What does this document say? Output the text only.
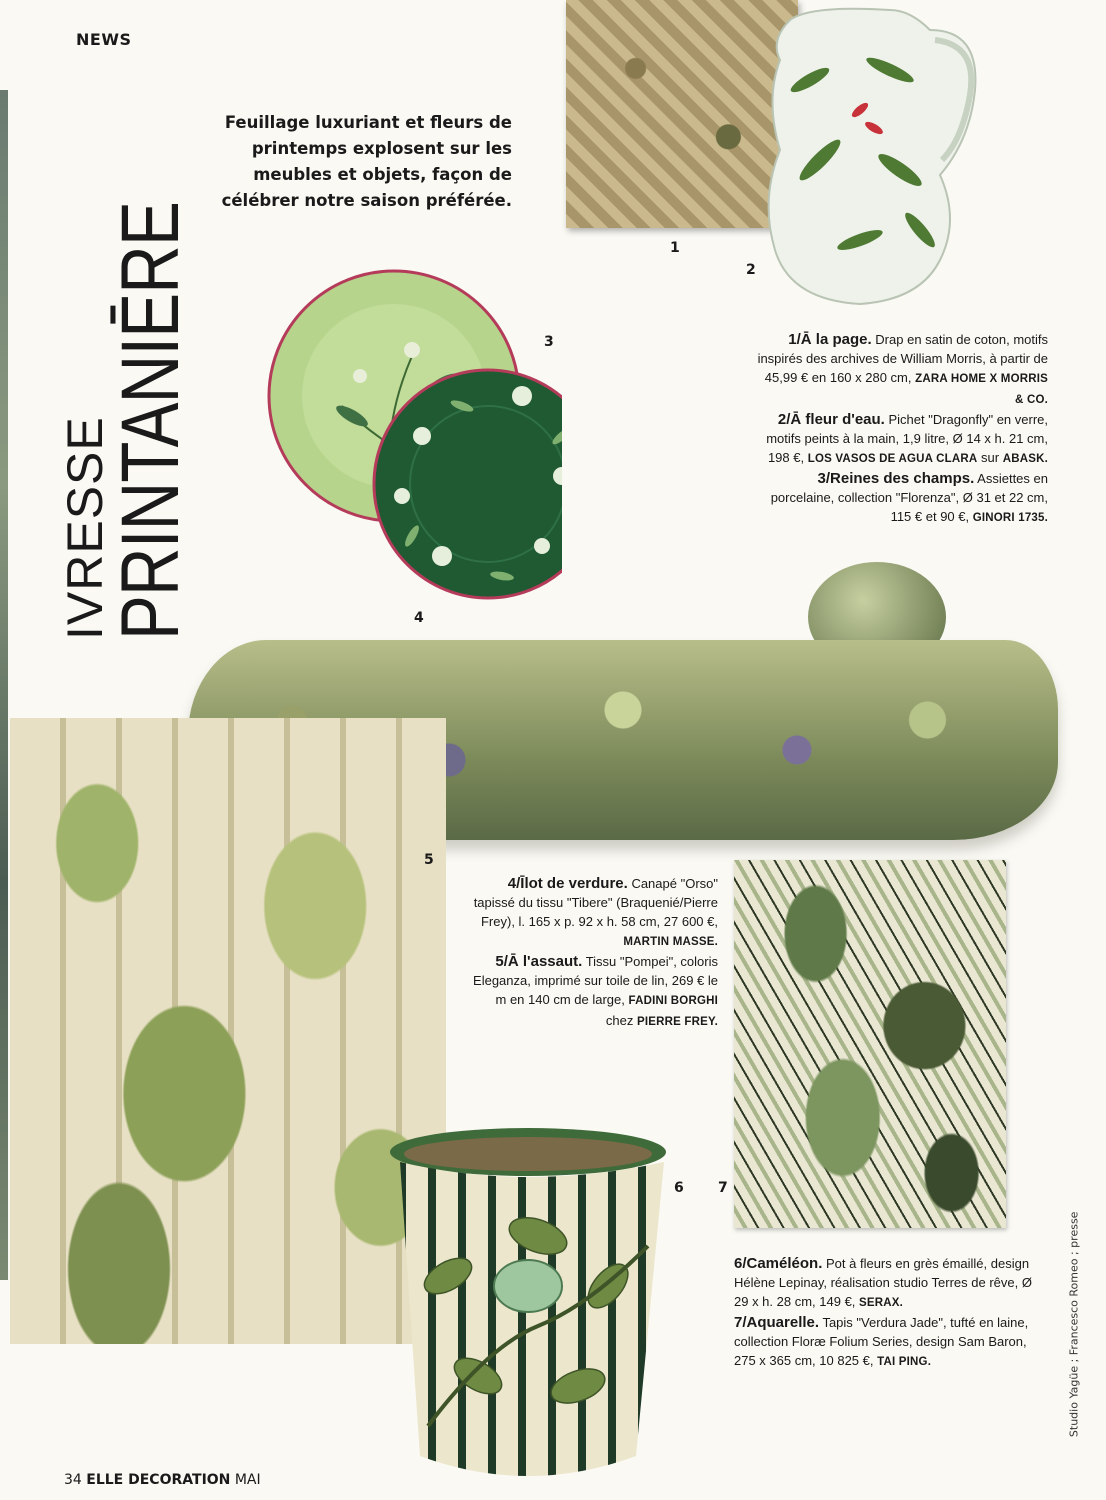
NEWS
IVRESSE
PRINTANIĒRE
Feuillage luxuriant et fleurs de printemps explosent sur les meubles et objets, façon de célébrer notre saison préférée.
1
2
3	1/Ā la page. Drap en satin de coton, motifs inspirés des archives de William Morris, à partir de 45,99 € en 160 x 280 cm, ZARA HOME X MORRIS & CO.
2/Ā fleur d'eau. Pichet "Dragonfly" en verre, motifs peints à la main, 1,9 litre, Ø 14 x h. 21 cm, 198 €, LOS VASOS DE AGUA CLARA sur ABASK.
3/Reines des champs. Assiettes en porcelaine, collection "Florenza", Ø 31 et 22 cm, 115 € et 90 €, GINORI 1735.
4
5
4/Īlot de verdure. Canapé "Orso" tapissé du tissu "Tibere" (Braquenié/Pierre Frey), l. 165 x p. 92 x h. 58 cm, 27 600 €, MARTIN MASSE.
5/Ā l'assaut. Tissu "Pompei", coloris Eleganza, imprimé sur toile de lin, 269 € le m en 140 cm de large, FADINI BORGHI chez PIERRE FREY.
7
6
6/Caméléon. Pot à fleurs en grès émaillé, design Hélène Lepinay, réalisation studio Terres de rêve, Ø 29 x h. 28 cm, 149 €, SERAX.
7/Aquarelle. Tapis "Verdura Jade", tufté en laine, collection Floræ Folium Series, design Sam Baron, 275 x 365 cm, 10 825 €, TAI PING.	Studio Yagüe ; Francesco Romeo ; presse
34 ELLE DECORATION MAI
